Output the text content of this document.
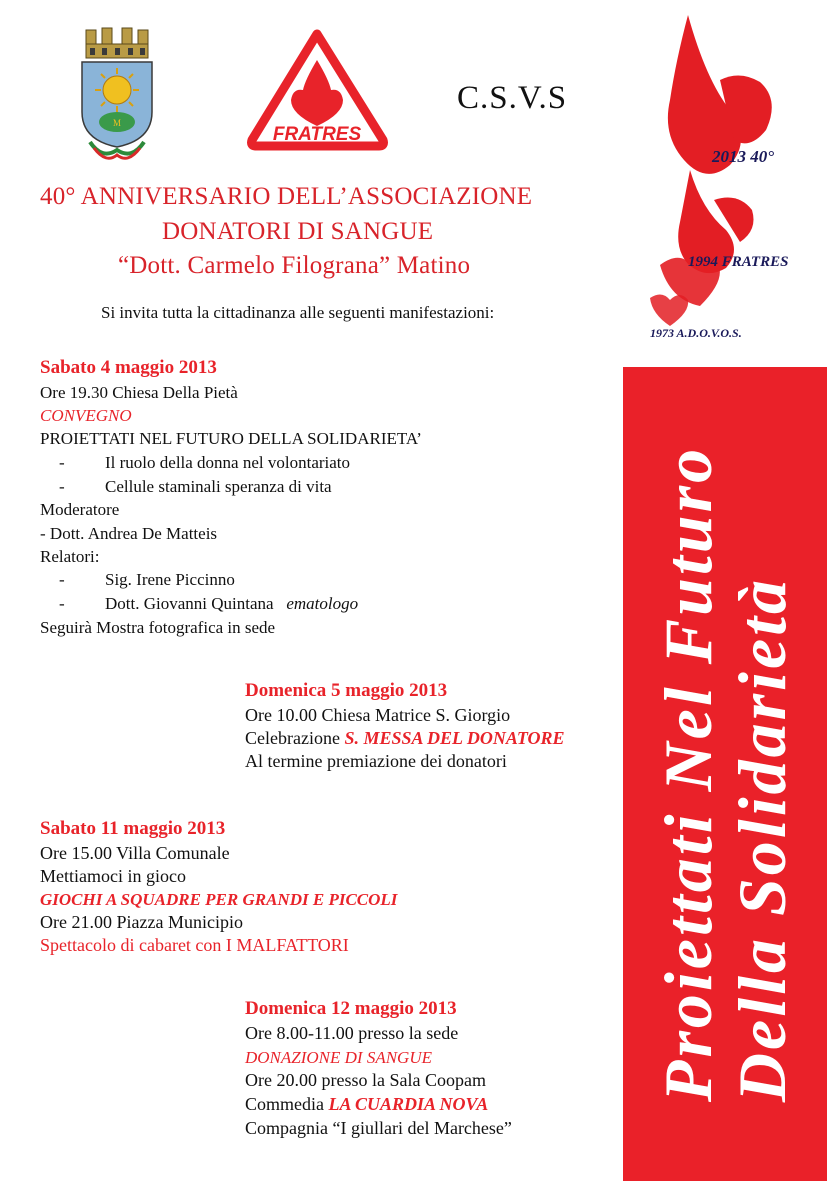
M
FRATRES
C.S.V.S
2013 40°
1994 FRATRES
1973 A.D.O.V.O.S.
40° ANNIVERSARIO DELL’ASSOCIAZIONE
DONATORI DI SANGUE
“Dott. Carmelo Filograna” Matino
Si invita tutta la cittadinanza alle seguenti manifestazioni:
Proiettati Nel Futuro
Della Solidarietà
Sabato 4 maggio 2013
Ore 19.30 Chiesa Della Pietà
CONVEGNO
PROIETTATI NEL FUTURO DELLA SOLIDARIETA’
- Il ruolo della donna nel volontariato
- Cellule staminali speranza di vita
Moderatore
- Dott. Andrea De Matteis
Relatori:
- Sig. Irene Piccinno
- Dott. Giovanni Quintana ematologo
Seguirà Mostra fotografica in sede
Domenica 5 maggio 2013
Ore 10.00 Chiesa Matrice S. Giorgio
Celebrazione S. MESSA DEL DONATORE
Al termine premiazione dei donatori
Sabato 11 maggio 2013
Ore 15.00 Villa Comunale
Mettiamoci in gioco
GIOCHI A SQUADRE PER GRANDI E PICCOLI
Ore 21.00 Piazza Municipio
Spettacolo di cabaret con I MALFATTORI
Domenica 12 maggio 2013
Ore 8.00-11.00 presso la sede
DONAZIONE DI SANGUE
Ore 20.00 presso la Sala Coopam
Commedia LA CUARDIA NOVA
Compagnia “I giullari del Marchese”
